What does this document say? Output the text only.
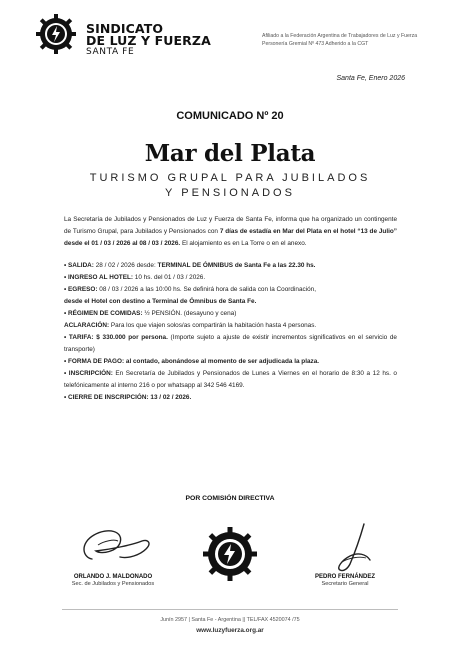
SINDICATO
DE LUZ Y FUERZA
SANTA FE
Afiliado a la Federación Argentina de Trabajadores de Luz y Fuerza
Personería Gremial Nº 473 Adherido a la CGT
Santa Fe, Enero 2026
COMUNICADO Nº 20
Mar del Plata
TURISMO GRUPAL PARA JUBILADOS
Y PENSIONADOS

La Secretaría de Jubilados y Pensionados de Luz y Fuerza de Santa Fe, informa que ha organizado un contingente de Turismo Grupal, para Jubilados y Pensionados con 7 días de estadía en Mar del Plata en el hotel “13 de Julio” desde el 01 / 03 / 2026 al 08 / 03 / 2026. El alojamiento es en La Torre o en el anexo.

• SALIDA: 28 / 02 / 2026 desde: TERMINAL DE ÓMNIBUS de Santa Fe a las 22.30 hs.

• INGRESO AL HOTEL: 10 hs. del 01 / 03 / 2026.

• EGRESO: 08 / 03 / 2026 a las 10:00 hs. Se definirá hora de salida con la Coordinación,
desde el Hotel con destino a Terminal de Ómnibus de Santa Fe.

• RÉGIMEN DE COMIDAS: ½ PENSIÓN. (desayuno y cena)

ACLARACIÓN: Para los que viajen solos/as compartirán la habitación hasta 4 personas.

• TARIFA: $ 330.000 por persona. (Importe sujeto a ajuste de existir incrementos significativos en el servicio de transporte)

• FORMA DE PAGO: al contado, abonándose al momento de ser adjudicada la plaza.

• INSCRIPCIÓN: En Secretaría de Jubilados y Pensionados de Lunes a Viernes en el horario de 8:30 a 12 hs. o telefónicamente al interno 216 o por whatsapp al 342 546 4169.

• CIERRE DE INSCRIPCIÓN: 13 / 02 / 2026.

POR COMISIÓN DIRECTIVA
ORLANDO J. MALDONADO
Sec. de Jubilados y Pensionados
PEDRO FERNÁNDEZ
Secretario General
Junín 2957 | Santa Fe - Argentina || TEL/FAX 4520074 /75
www.luzyfuerza.org.ar
